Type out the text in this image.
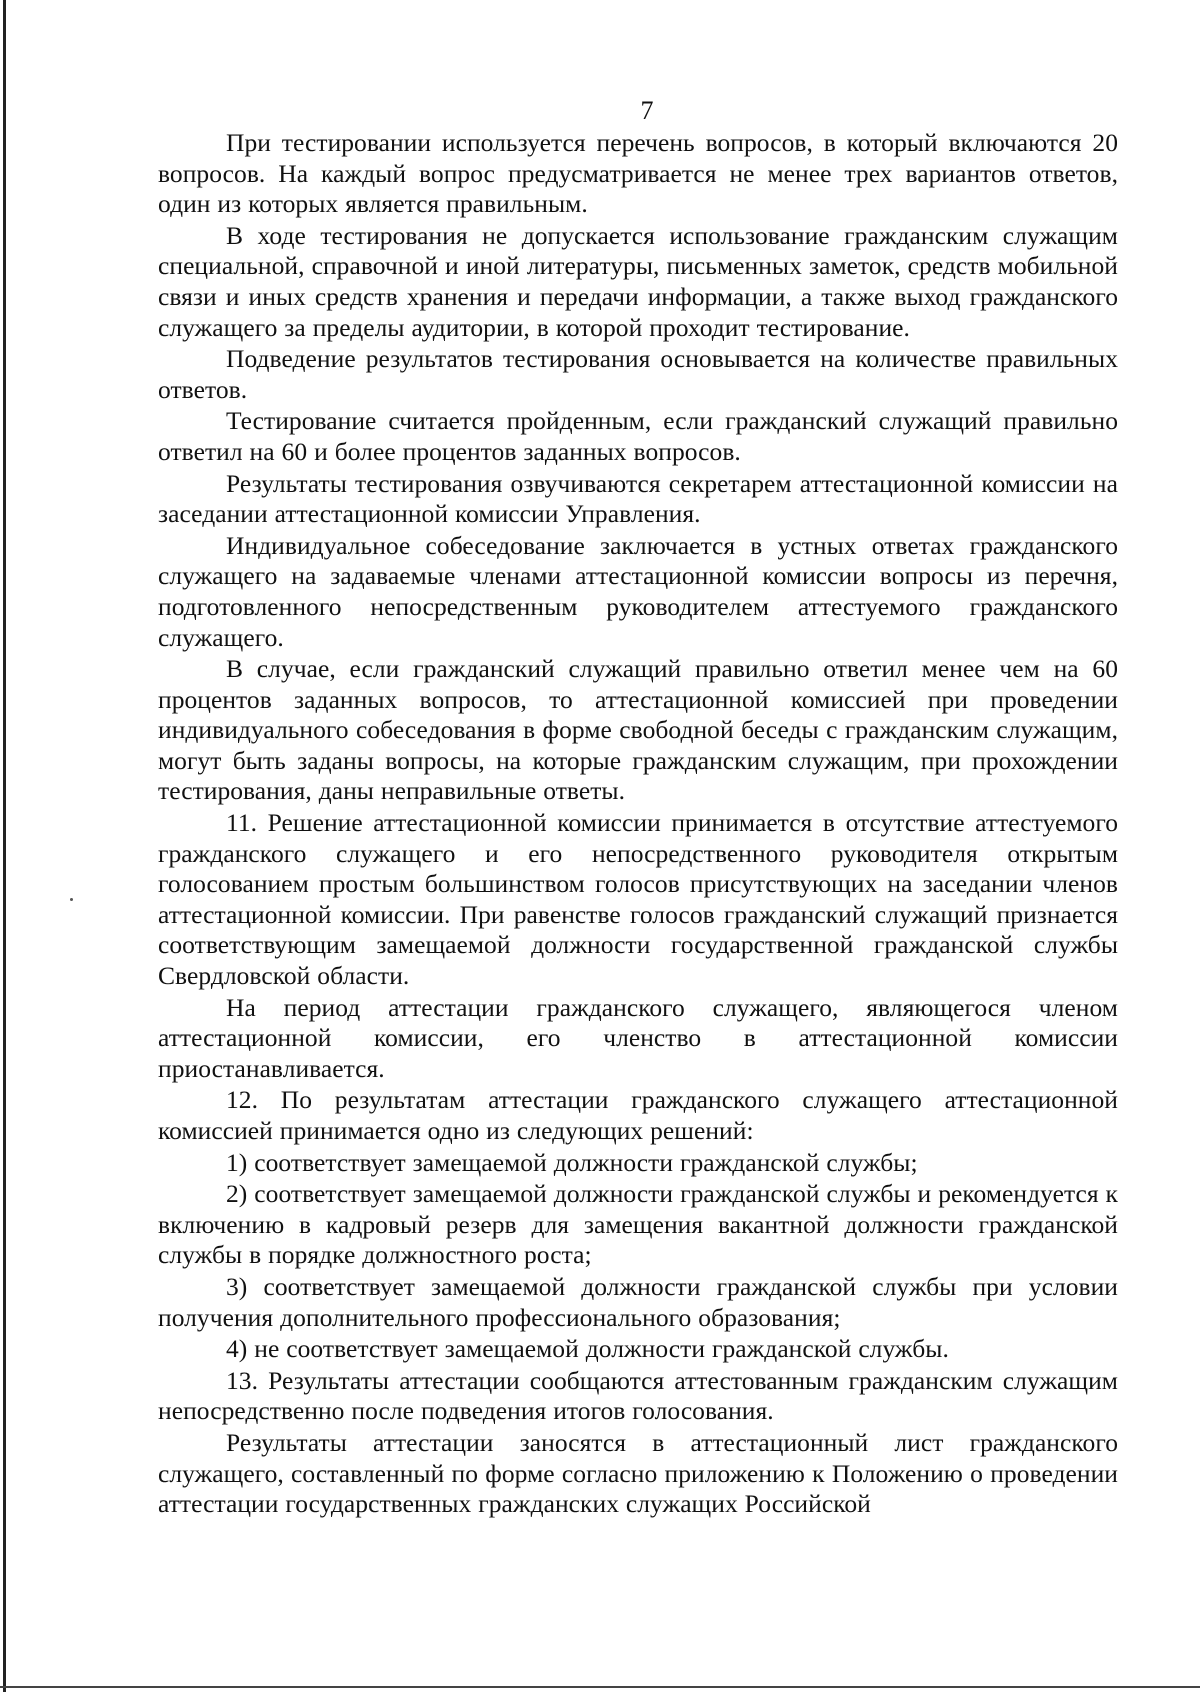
7

При тестировании используется перечень вопросов, в который включаются 20 вопросов. На каждый вопрос предусматривается не менее трех вариантов ответов, один из которых является правильным.

В ходе тестирования не допускается использование гражданским служащим специальной, справочной и иной литературы, письменных заметок, средств мобильной связи и иных средств хранения и передачи информации, а также выход гражданского служащего за пределы аудитории, в которой проходит тестирование.

Подведение результатов тестирования основывается на количестве правильных ответов.

Тестирование считается пройденным, если гражданский служащий правильно ответил на 60 и более процентов заданных вопросов.

Результаты тестирования озвучиваются секретарем аттестационной комиссии на заседании аттестационной комиссии Управления.

Индивидуальное собеседование заключается в устных ответах гражданского служащего на задаваемые членами аттестационной комиссии вопросы из перечня, подготовленного непосредственным руководителем аттестуемого гражданского служащего.

В случае, если гражданский служащий правильно ответил менее чем на 60 процентов заданных вопросов, то аттестационной комиссией при проведении индивидуального собеседования в форме свободной беседы с гражданским служащим, могут быть заданы вопросы, на которые гражданским служащим, при прохождении тестирования, даны неправильные ответы.

11. Решение аттестационной комиссии принимается в отсутствие аттестуемого гражданского служащего и его непосредственного руководителя открытым голосованием простым большинством голосов присутствующих на заседании членов аттестационной комиссии. При равенстве голосов гражданский служащий признается соответствующим замещаемой должности государственной гражданской службы Свердловской области.

На период аттестации гражданского служащего, являющегося членом аттестационной комиссии, его членство в аттестационной комиссии приостанавливается.

12. По результатам аттестации гражданского служащего аттестационной комиссией принимается одно из следующих решений:

1) соответствует замещаемой должности гражданской службы;

2) соответствует замещаемой должности гражданской службы и рекомендуется к включению в кадровый резерв для замещения вакантной должности гражданской службы в порядке должностного роста;

3) соответствует замещаемой должности гражданской службы при условии получения дополнительного профессионального образования;

4) не соответствует замещаемой должности гражданской службы.

13. Результаты аттестации сообщаются аттестованным гражданским служащим непосредственно после подведения итогов голосования.

Результаты аттестации заносятся в аттестационный лист гражданского служащего, составленный по форме согласно приложению к Положению о проведении аттестации государственных гражданских служащих Российской
